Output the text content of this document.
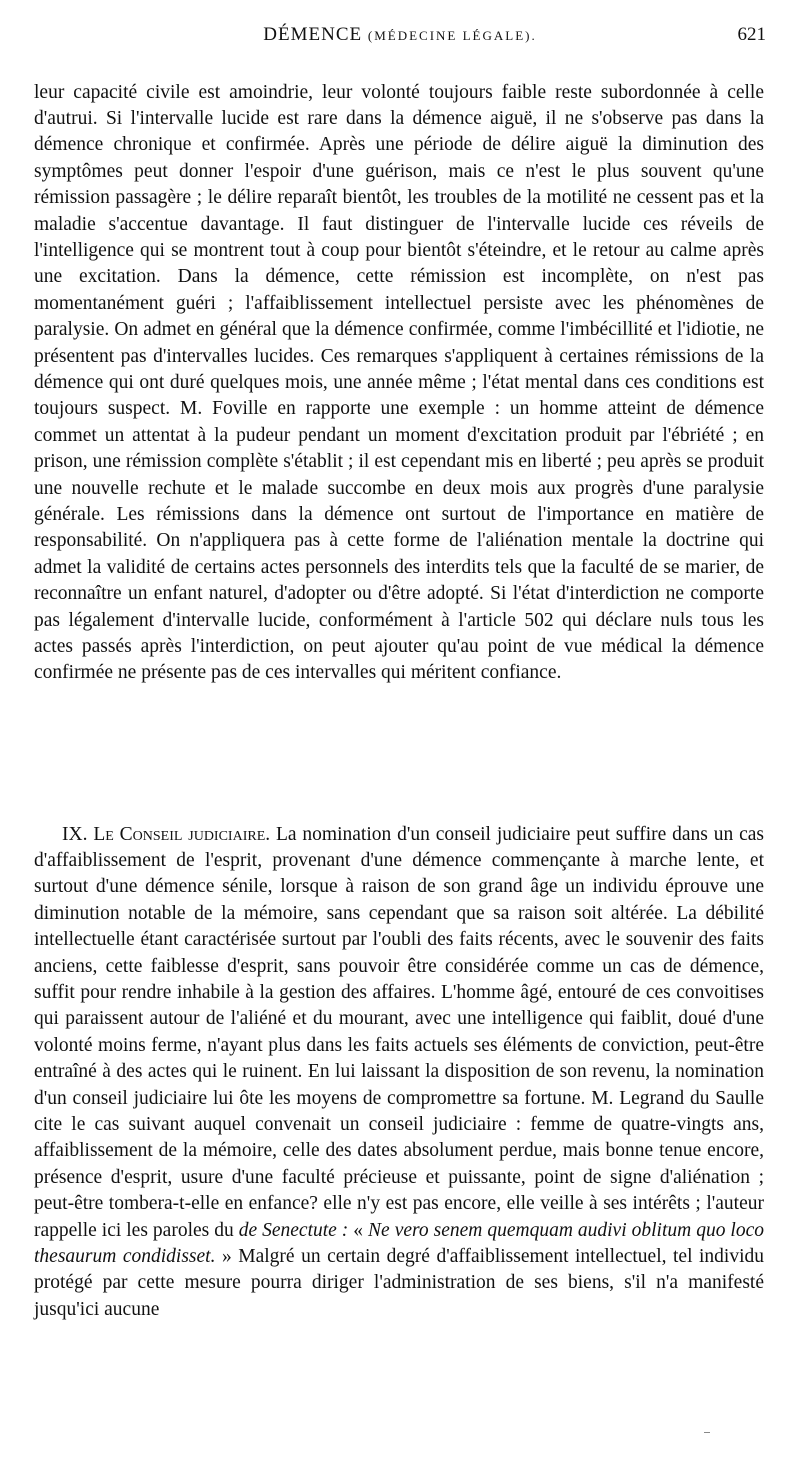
DÉMENCE (MÉDECINE LÉGALE).	621

leur capacité civile est amoindrie, leur volonté toujours faible reste subordonnée à celle d'autrui. Si l'intervalle lucide est rare dans la démence aiguë, il ne s'observe pas dans la démence chronique et confirmée. Après une période de délire aiguë la diminution des symptômes peut donner l'espoir d'une guérison, mais ce n'est le plus souvent qu'une rémission passagère ; le délire reparaît bientôt, les troubles de la motilité ne cessent pas et la maladie s'accentue davantage. Il faut distinguer de l'intervalle lucide ces réveils de l'intelligence qui se montrent tout à coup pour bientôt s'éteindre, et le retour au calme après une excitation. Dans la démence, cette rémission est incomplète, on n'est pas momentanément guéri ; l'affaiblissement intellectuel persiste avec les phénomènes de paralysie. On admet en général que la démence confirmée, comme l'imbécillité et l'idiotie, ne présentent pas d'intervalles lucides. Ces remarques s'appliquent à certaines rémissions de la démence qui ont duré quelques mois, une année même ; l'état mental dans ces conditions est toujours suspect. M. Foville en rapporte une exemple : un homme atteint de démence commet un attentat à la pudeur pendant un moment d'excitation produit par l'ébriété ; en prison, une rémission complète s'établit ; il est cependant mis en liberté ; peu après se produit une nouvelle rechute et le malade succombe en deux mois aux progrès d'une paralysie générale. Les rémissions dans la démence ont surtout de l'importance en matière de responsabilité. On n'appliquera pas à cette forme de l'aliénation mentale la doctrine qui admet la validité de certains actes personnels des interdits tels que la faculté de se marier, de reconnaître un enfant naturel, d'adopter ou d'être adopté. Si l'état d'interdiction ne comporte pas légalement d'intervalle lucide, conformément à l'article 502 qui déclare nuls tous les actes passés après l'interdiction, on peut ajouter qu'au point de vue médical la démence confirmée ne présente pas de ces intervalles qui méritent confiance.

IX. Le Conseil judiciaire. La nomination d'un conseil judiciaire peut suffire dans un cas d'affaiblissement de l'esprit, provenant d'une démence commençante à marche lente, et surtout d'une démence sénile, lorsque à raison de son grand âge un individu éprouve une diminution notable de la mémoire, sans cependant que sa raison soit altérée. La débilité intellectuelle étant caractérisée surtout par l'oubli des faits récents, avec le souvenir des faits anciens, cette faiblesse d'esprit, sans pouvoir être considérée comme un cas de démence, suffit pour rendre inhabile à la gestion des affaires. L'homme âgé, entouré de ces convoitises qui paraissent autour de l'aliéné et du mourant, avec une intelligence qui faiblit, doué d'une volonté moins ferme, n'ayant plus dans les faits actuels ses éléments de conviction, peut-être entraîné à des actes qui le ruinent. En lui laissant la disposition de son revenu, la nomination d'un conseil judiciaire lui ôte les moyens de compromettre sa fortune. M. Legrand du Saulle cite le cas suivant auquel convenait un conseil judiciaire : femme de quatre-vingts ans, affaiblissement de la mémoire, celle des dates absolument perdue, mais bonne tenue encore, présence d'esprit, usure d'une faculté précieuse et puissante, point de signe d'aliénation ; peut-être tombera-t-elle en enfance? elle n'y est pas encore, elle veille à ses intérêts ; l'auteur rappelle ici les paroles du de Senectute : « Ne vero senem quemquam audivi oblitum quo loco thesaurum condidisset. » Malgré un certain degré d'affaiblissement intellectuel, tel individu protégé par cette mesure pourra diriger l'administration de ses biens, s'il n'a manifesté jusqu'ici aucune
